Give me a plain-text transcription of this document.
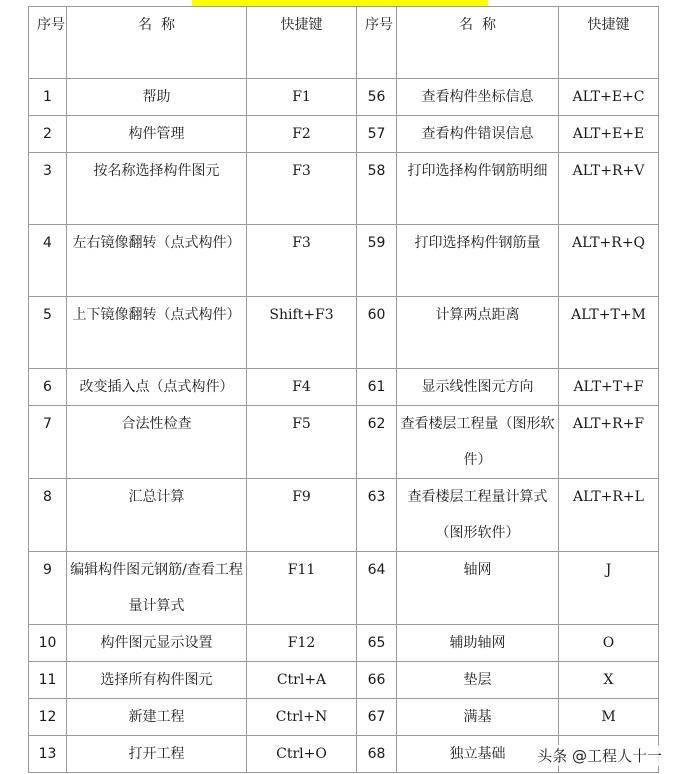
序号	名  称	快捷键	序号	名  称	快捷键
1	帮助	F1	56	查看构件坐标信息	ALT+E+C
2	构件管理	F2	57	查看构件错误信息	ALT+E+E
3	按名称选择构件图元	F3	58	打印选择构件钢筋明细	ALT+R+V
4	左右镜像翻转（点式构件）	F3	59	打印选择构件钢筋量	ALT+R+Q
5	上下镜像翻转（点式构件）	Shift+F3	60	计算两点距离	ALT+T+M
6	改变插入点（点式构件）	F4	61	显示线性图元方向	ALT+T+F
7	合法性检查	F5	62	查看楼层工程量（图形软件）	ALT+R+F
8	汇总计算	F9	63	查看楼层工程量计算式（图形软件）	ALT+R+L
9	编辑构件图元钢筋/查看工程量计算式	F11	64	轴网	J
10	构件图元显示设置	F12	65	辅助轴网	O
11	选择所有构件图元	Ctrl+A	66	垫层	X
12	新建工程	Ctrl+N	67	满基	M
13	打开工程	Ctrl+O	68	独立基础	头条 @工程人十一
